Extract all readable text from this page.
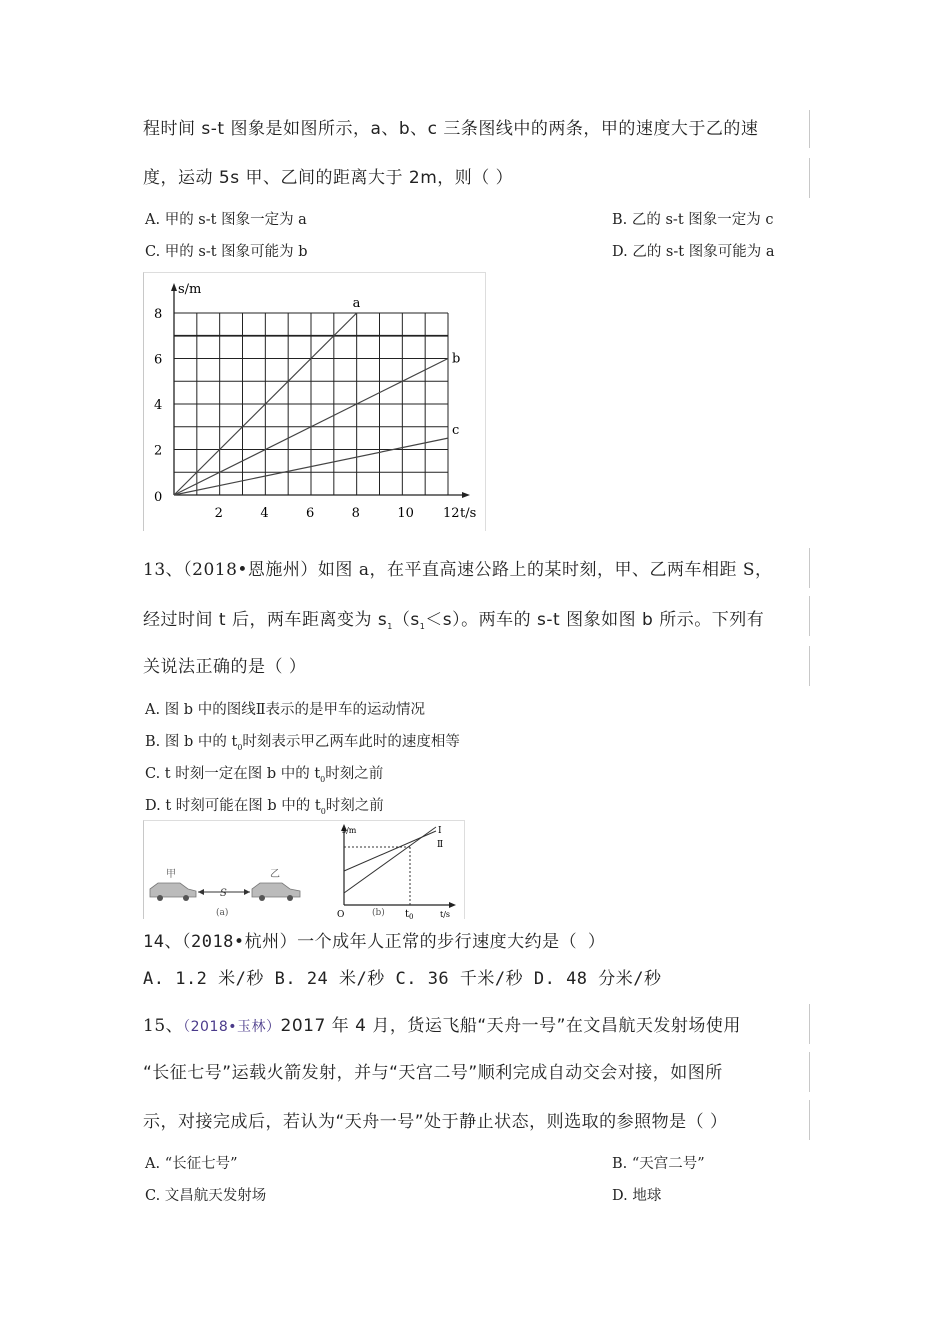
程时间 s-t 图象是如图所示，a、b、c 三条图线中的两条，甲的速度大于乙的速
度，运动 5s 甲、乙间的距离大于 2m，则（ ）
A. 甲的 s-t 图象一定为 a	B. 乙的 s-t 图象一定为 c
C. 甲的 s-t 图象可能为 b	D. 乙的 s-t 图象可能为 a
a
b
c
0
2	4	6	8	10 12
2
4
6
8
s/m
t/s
13、（2018•恩施州）如图 a，在平直高速公路上的某时刻，甲、乙两车相距 S，
经过时间 t 后，两车距离变为 $s_1(s_1<s)$。两车的 s-t 图象如图 b 所示。下列有
关说法正确的是（ ）
A. 图 b 中的图线Ⅱ表示的是甲车的运动情况
B. 图 b 中的 $t_0$时刻表示甲乙两车此时的速度相等
C. t 时刻一定在图 b 中的 $t_0$时刻之前
D. t 时刻可能在图 b 中的 $t_0$时刻之前
甲
S
乙
(a)
s/m
t/s
O
Ⅰ
Ⅱ
$t_0$
(b)
14、（2018•杭州）一个成年人正常的步行速度大约是（ ）
A. 1.2 米/秒 B. 24 米/秒 C. 36 千米/秒 D. 48 分米/秒
15、（2018•玉林）2017 年 4 月，货运飞船“天舟一号”在文昌航天发射场使用
“长征七号”运载火箭发射，并与“天宫二号”顺利完成自动交会对接，如图所
示，对接完成后，若认为“天舟一号”处于静止状态，则选取的参照物是（ ）
A. “长征七号”	B. “天宫二号”
C. 文昌航天发射场	D. 地球
